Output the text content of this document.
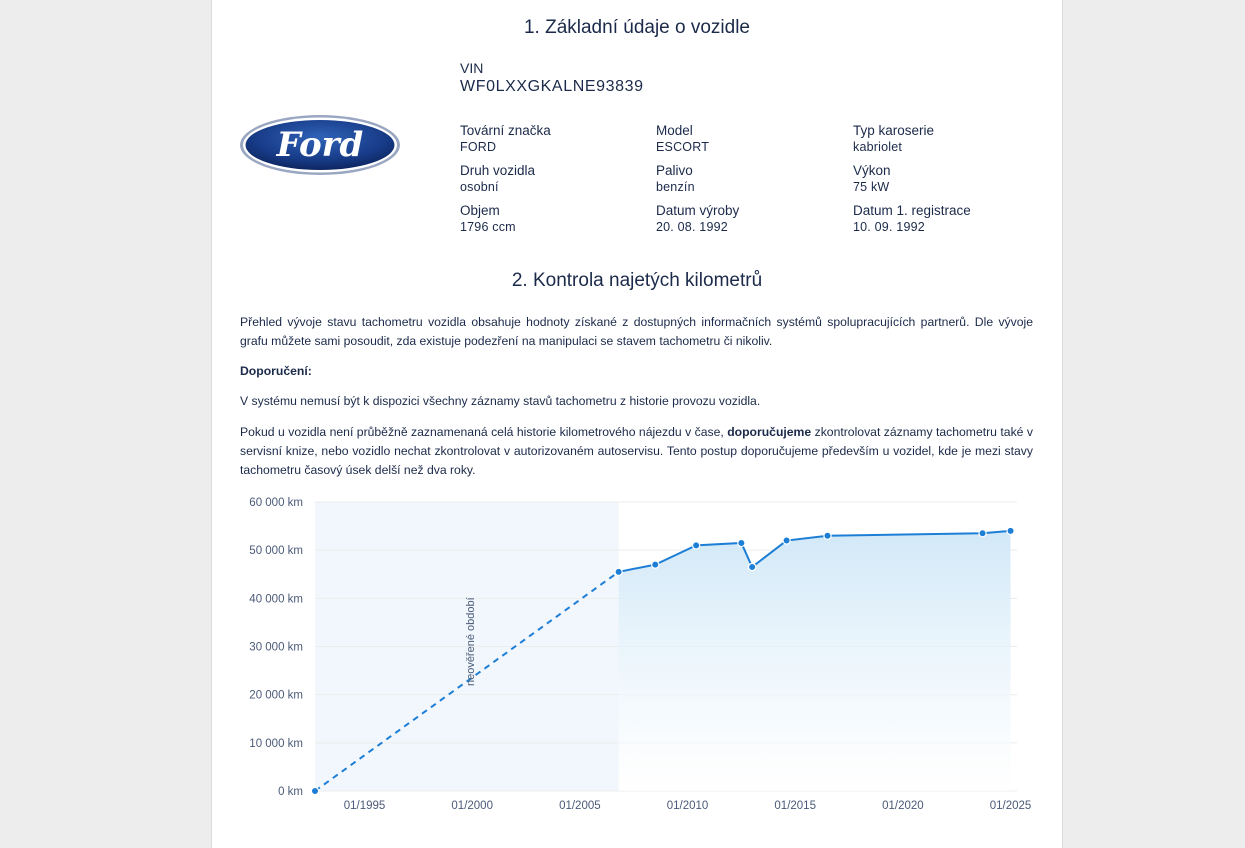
1. Základní údaje o vozidle
VIN
WF0LXXGKALNE93839
Ford	Tovární značka
FORD
Model
ESCORT
Typ karoserie
kabriolet
Druh vozidla
osobní
Palivo
benzín
Výkon
75 kW
Objem
1796 ccm
Datum výroby
20. 08. 1992
Datum 1. registrace
10. 09. 1992
2. Kontrola najetých kilometrů

Přehled vývoje stavu tachometru vozidla obsahuje hodnoty získané z dostupných informačních systémů spolupracujících partnerů. Dle vývoje grafu můžete sami posoudit, zda existuje podezření na manipulaci se stavem tachometru či nikoliv.

Doporučení:

V systému nemusí být k dispozici všechny záznamy stavů tachometru z historie provozu vozidla.

Pokud u vozidla není průběžně zaznamenaná celá historie kilometrového nájezdu v čase, doporučujeme zkontrolovat záznamy tachometru také v servisní knize, nebo vozidlo nechat zkontrolovat v autorizovaném autoservisu. Tento postup doporučujeme především u vozidel, kde je mezi stavy tachometru časový úsek delší než dva roky.

0 km
10 000 km
20 000 km
30 000 km
40 000 km
50 000 km
60 000 km
01/1995	01/2000	01/2005	01/2010	01/2015	01/2020	01/2025
neověřené období
